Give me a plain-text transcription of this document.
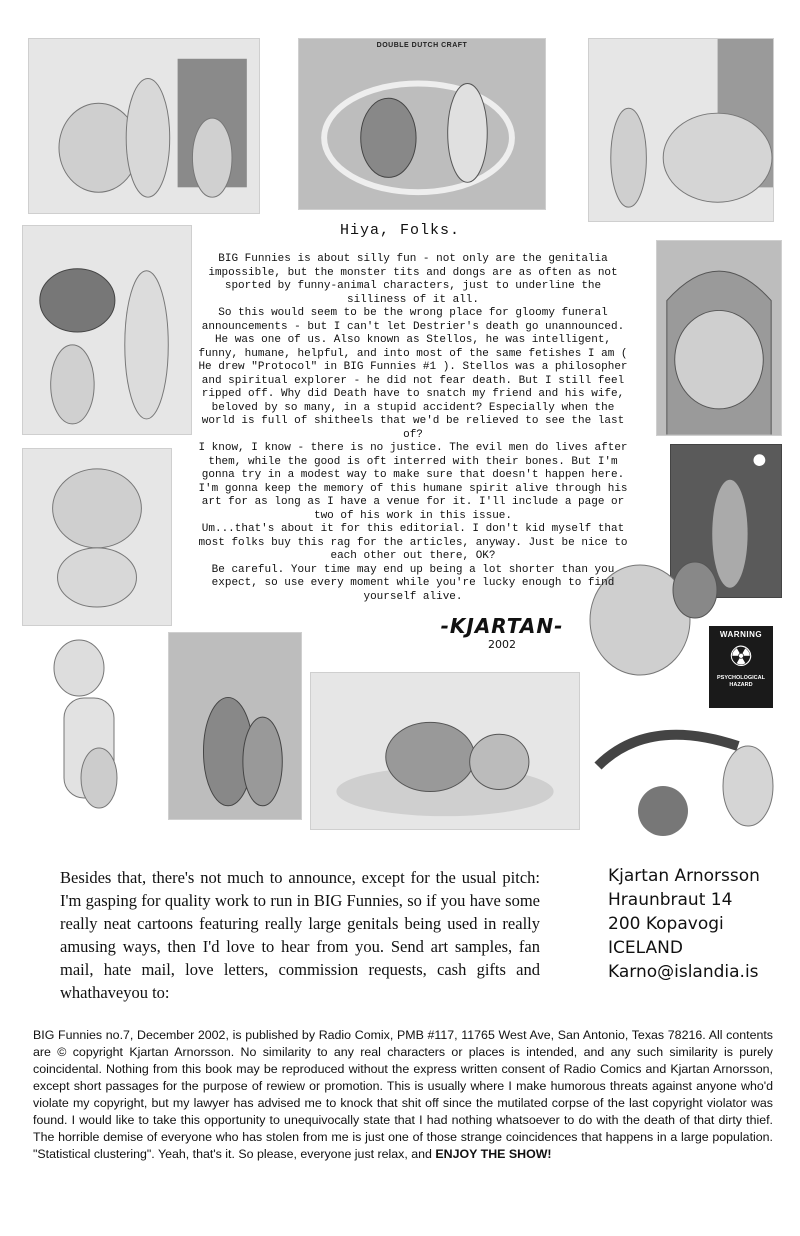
DOUBLE DUTCH CRAFT
WARNING
☢
PSYCHOLOGICAL HAZARD
Hiya, Folks.

BIG Funnies is about silly fun - not only are the genitalia impossible, but the monster tits and dongs are as often as not sported by funny-animal characters, just to underline the silliness of it all.

So this would seem to be the wrong place for gloomy funeral announcements - but I can't let Destrier's death go unannounced. He was one of us. Also known as Stellos, he was intelligent, funny, humane, helpful, and into most of the same fetishes I am ( He drew "Protocol" in BIG Funnies #1 ). Stellos was a philosopher and spiritual explorer - he did not fear death. But I still feel ripped off. Why did Death have to snatch my friend and his wife, beloved by so many, in a stupid accident? Especially when the world is full of shitheels that we'd be relieved to see the last of?

I know, I know - there is no justice. The evil men do lives after them, while the good is oft interred with their bones. But I'm gonna try in a modest way to make sure that doesn't happen here. I'm gonna keep the memory of this humane spirit alive through his art for as long as I have a venue for it. I'll include a page or two of his work in this issue.

Um...that's about it for this editorial. I don't kid myself that most folks buy this rag for the articles, anyway. Just be nice to each other out there, OK?

Be careful. Your time may end up being a lot shorter than you expect, so use every moment while you're lucky enough to find yourself alive.

-KJARTAN-
2002

Besides that, there's not much to announce, except for the usual pitch: I'm gasping for quality work to run in BIG Funnies, so if you have some really neat cartoons featuring really large genitals being used in really amusing ways, then I'd love to hear from you. Send art samples, fan mail, hate mail, love letters, commission requests, cash gifts and whathaveyou to:

Kjartan Arnorsson
Hraunbraut 14
200 Kopavogi
ICELAND
Karno@islandia.is

BIG Funnies no.7, December 2002, is published by Radio Comix, PMB #117, 11765 West Ave, San Antonio, Texas 78216. All contents are © copyright Kjartan Arnorsson. No similarity to any real characters or places is intended, and any such similarity is purely coincidental. Nothing from this book may be reproduced without the express written consent of Radio Comics and Kjartan Arnorsson, except short passages for the purpose of rewiew or promotion. This is usually where I make humorous threats against anyone who'd violate my copyright, but my lawyer has advised me to knock that shit off since the mutilated corpse of the last copyright violator was found. I would like to take this opportunity to unequivocally state that I had nothing whatsoever to do with the death of that dirty thief. The horrible demise of everyone who has stolen from me is just one of those strange coincidences that happens in a large population. "Statistical clustering". Yeah, that's it. So please, everyone just relax, and ENJOY THE SHOW!
